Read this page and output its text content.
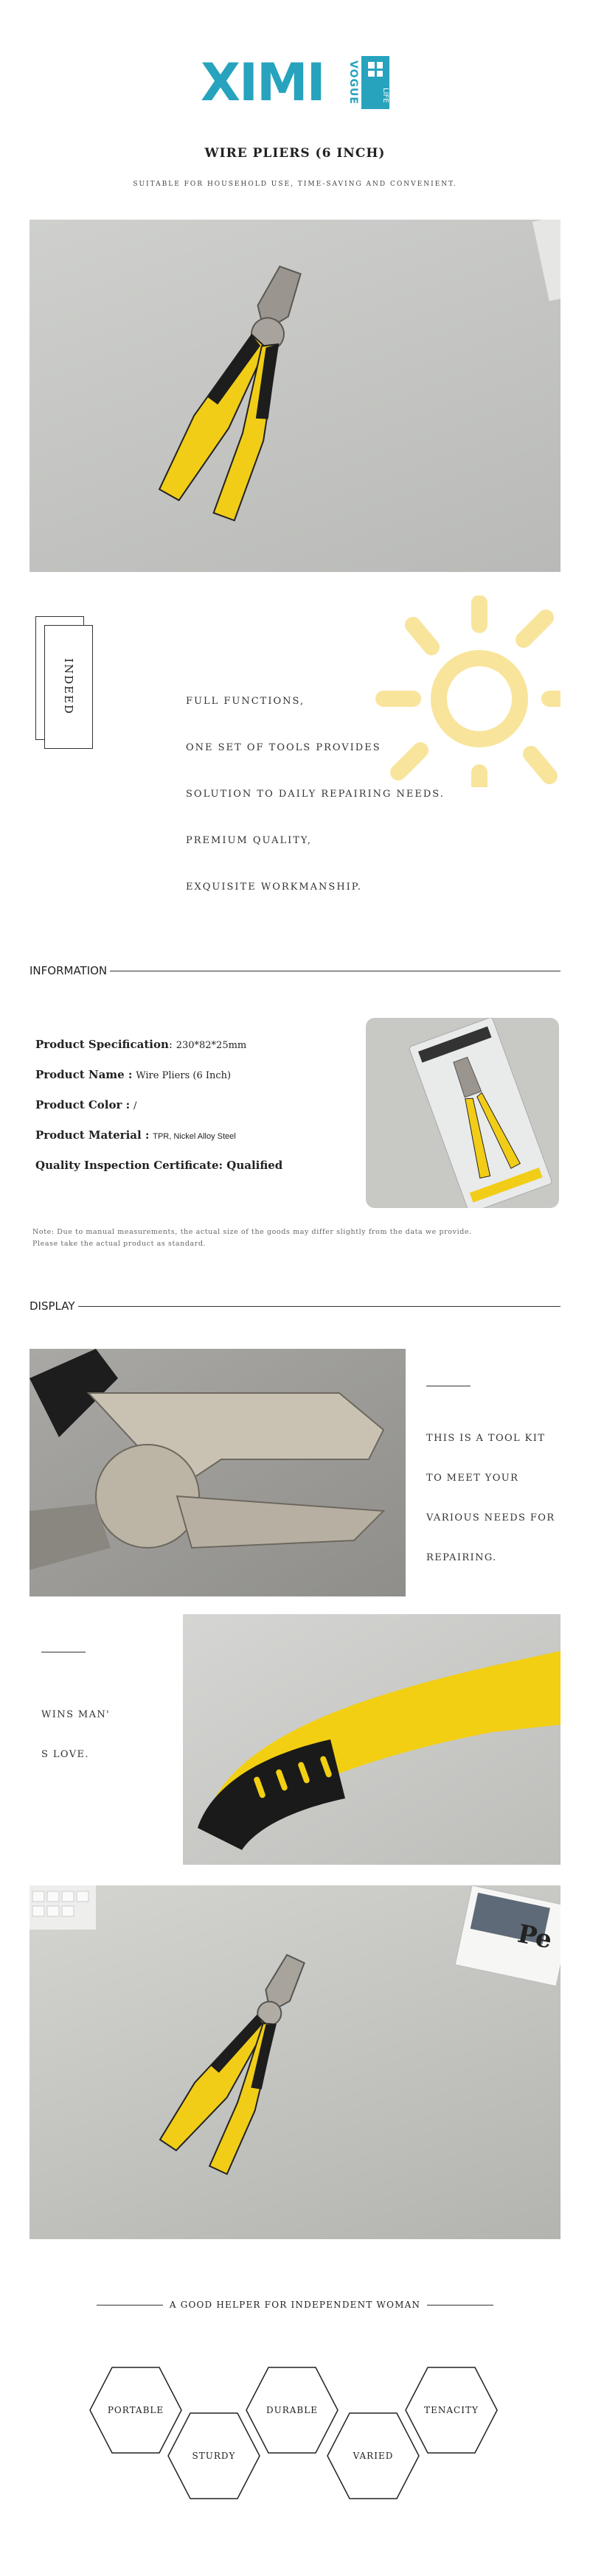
XIMI	VOGUE	LIFE
WIRE PLIERS (6 INCH)
SUITABLE FOR HOUSEHOLD USE, TIME-SAVING AND CONVENIENT.
INDEED	FULL FUNCTIONS,
ONE SET OF TOOLS PROVIDES
SOLUTION TO DAILY REPAIRING NEEDS.
PREMIUM QUALITY,
EXQUISITE WORKMANSHIP.
INFORMATION
Product Specification: 230*82*25mm
Product Name : Wire Pliers (6 Inch)
Product Color : /
Product Material : TPR, Nickel Alloy Steel
Quality Inspection Certificate: Qualified
Note: Due to manual measurements, the actual size of the goods may differ slightly from the data we provide.
Please take the actual product as standard.
DISPLAY

THIS IS A TOOL KIT

TO MEET YOUR

VARIOUS NEEDS FOR

REPAIRING.

WINS MAN'

S LOVE.

Pe
A GOOD HELPER FOR INDEPENDENT WOMAN
PORTABLE
STURDY
DURABLE
VARIED
TENACITY
